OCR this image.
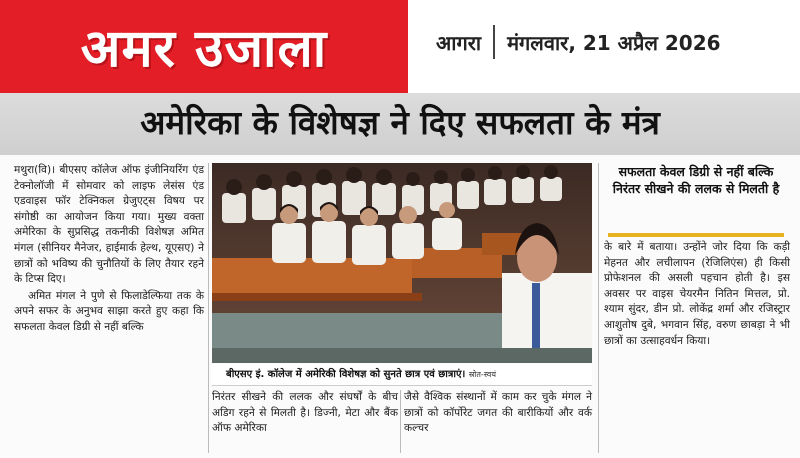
अमर उजाला	आगरा मंगलवार, 21 अप्रैल 2026
अमेरिका के विशेषज्ञ ने दिए सफलता के मंत्र

मथुरा(वि)। बीएसए कॉलेज ऑफ इंजीनियरिंग एंड टेक्नोलॉजी में सोमवार को लाइफ लेसंस एंड एडवाइस फॉर टेक्निकल ग्रेजुएट्स विषय पर संगोष्ठी का आयोजन किया गया। मुख्य वक्ता अमेरिका के सुप्रसिद्ध तकनीकी विशेषज्ञ अमित मंगल (सीनियर मैनेजर, हाईमार्क हेल्थ, यूएसए) ने छात्रों को भविष्य की चुनौतियों के लिए तैयार रहने के टिप्स दिए।

अमित मंगल ने पुणे से फिलाडेल्फिया तक के अपने सफर के अनुभव साझा करते हुए कहा कि सफलता केवल डिग्री से नहीं बल्कि

बीएसए इं. कॉलेज में अमेरिकी विशेषज्ञ को सुनते छात्र एवं छात्राएं। स्रोत-स्वयं

निरंतर सीखने की ललक और संघर्षों के बीच अडिग रहने से मिलती है। डिज्नी, मेटा और बैंक ऑफ अमेरिका

जैसे वैश्विक संस्थानों में काम कर चुके मंगल ने छात्रों को कॉर्पोरेट जगत की बारीकियों और वर्क कल्चर

सफलता केवल डिग्री से नहीं बल्कि निरंतर सीखने की ललक से मिलती है

के बारे में बताया। उन्होंने जोर दिया कि कड़ी मेहनत और लचीलापन (रेजिलिएंस) ही किसी प्रोफेशनल की असली पहचान होती है। इस अवसर पर वाइस चेयरमैन नितिन मित्तल, प्रो. श्याम सुंदर, डीन प्रो. लोकेंद्र शर्मा और रजिस्ट्रार आशुतोष दुबे, भगवान सिंह, वरुण छाबड़ा ने भी छात्रों का उत्साहवर्धन किया।
